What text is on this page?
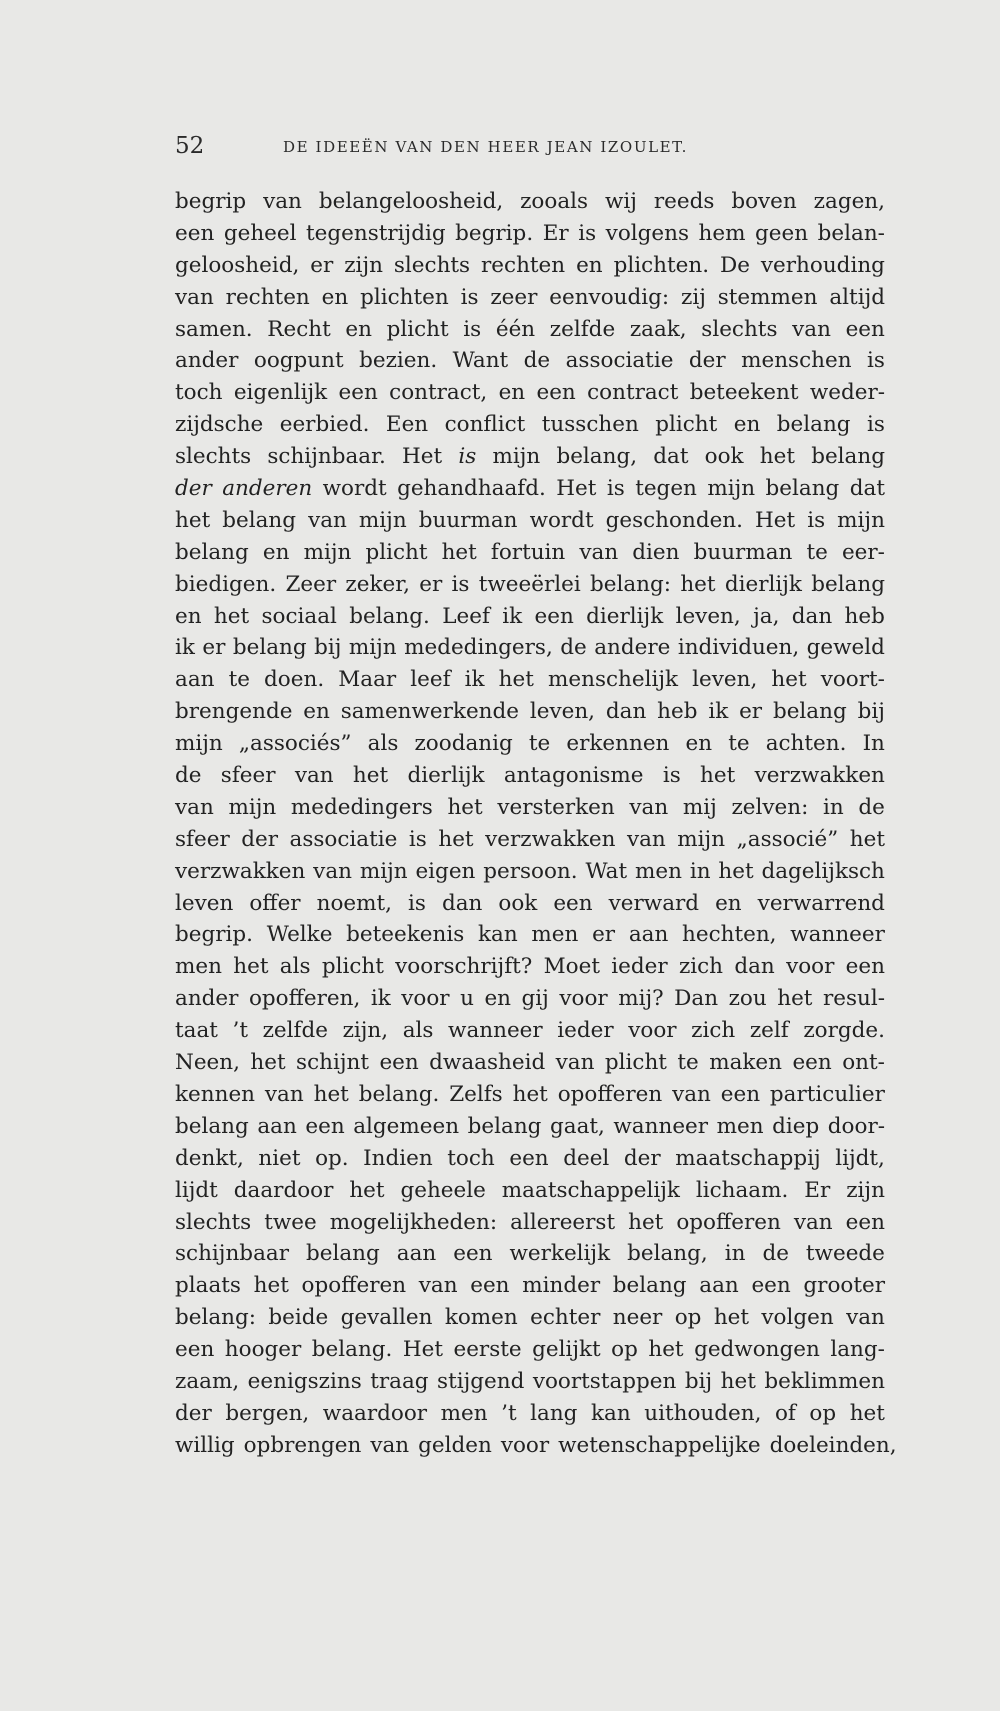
52	DE IDEEËN VAN DEN HEER JEAN IZOULET.
begrip van belangeloosheid, zooals wij reeds boven zagen,
een geheel tegenstrijdig begrip. Er is volgens hem geen belan-
geloosheid, er zijn slechts rechten en plichten. De verhouding
van rechten en plichten is zeer eenvoudig: zij stemmen altijd
samen. Recht en plicht is één zelfde zaak, slechts van een
ander oogpunt bezien. Want de associatie der menschen is
toch eigenlijk een contract, en een contract beteekent weder-
zijdsche eerbied. Een conflict tusschen plicht en belang is
slechts schijnbaar. Het is mijn belang, dat ook het belang
der anderen wordt gehandhaafd. Het is tegen mijn belang dat
het belang van mijn buurman wordt geschonden. Het is mijn
belang en mijn plicht het fortuin van dien buurman te eer-
biedigen. Zeer zeker, er is tweeërlei belang: het dierlijk belang
en het sociaal belang. Leef ik een dierlijk leven, ja, dan heb
ik er belang bij mijn mededingers, de andere individuen, geweld
aan te doen. Maar leef ik het menschelijk leven, het voort-
brengende en samenwerkende leven, dan heb ik er belang bij
mijn „associés” als zoodanig te erkennen en te achten. In
de sfeer van het dierlijk antagonisme is het verzwakken
van mijn mededingers het versterken van mij zelven: in de
sfeer der associatie is het verzwakken van mijn „associé” het
verzwakken van mijn eigen persoon. Wat men in het dagelijksch
leven offer noemt, is dan ook een verward en verwarrend
begrip. Welke beteekenis kan men er aan hechten, wanneer
men het als plicht voorschrijft? Moet ieder zich dan voor een
ander opofferen, ik voor u en gij voor mij? Dan zou het resul-
taat ’t zelfde zijn, als wanneer ieder voor zich zelf zorgde.
Neen, het schijnt een dwaasheid van plicht te maken een ont-
kennen van het belang. Zelfs het opofferen van een particulier
belang aan een algemeen belang gaat, wanneer men diep door-
denkt, niet op. Indien toch een deel der maatschappij lijdt,
lijdt daardoor het geheele maatschappelijk lichaam. Er zijn
slechts twee mogelijkheden: allereerst het opofferen van een
schijnbaar belang aan een werkelijk belang, in de tweede
plaats het opofferen van een minder belang aan een grooter
belang: beide gevallen komen echter neer op het volgen van
een hooger belang. Het eerste gelijkt op het gedwongen lang-
zaam, eenigszins traag stijgend voortstappen bij het beklimmen
der bergen, waardoor men ’t lang kan uithouden, of op het
willig opbrengen van gelden voor wetenschappelijke doeleinden,
